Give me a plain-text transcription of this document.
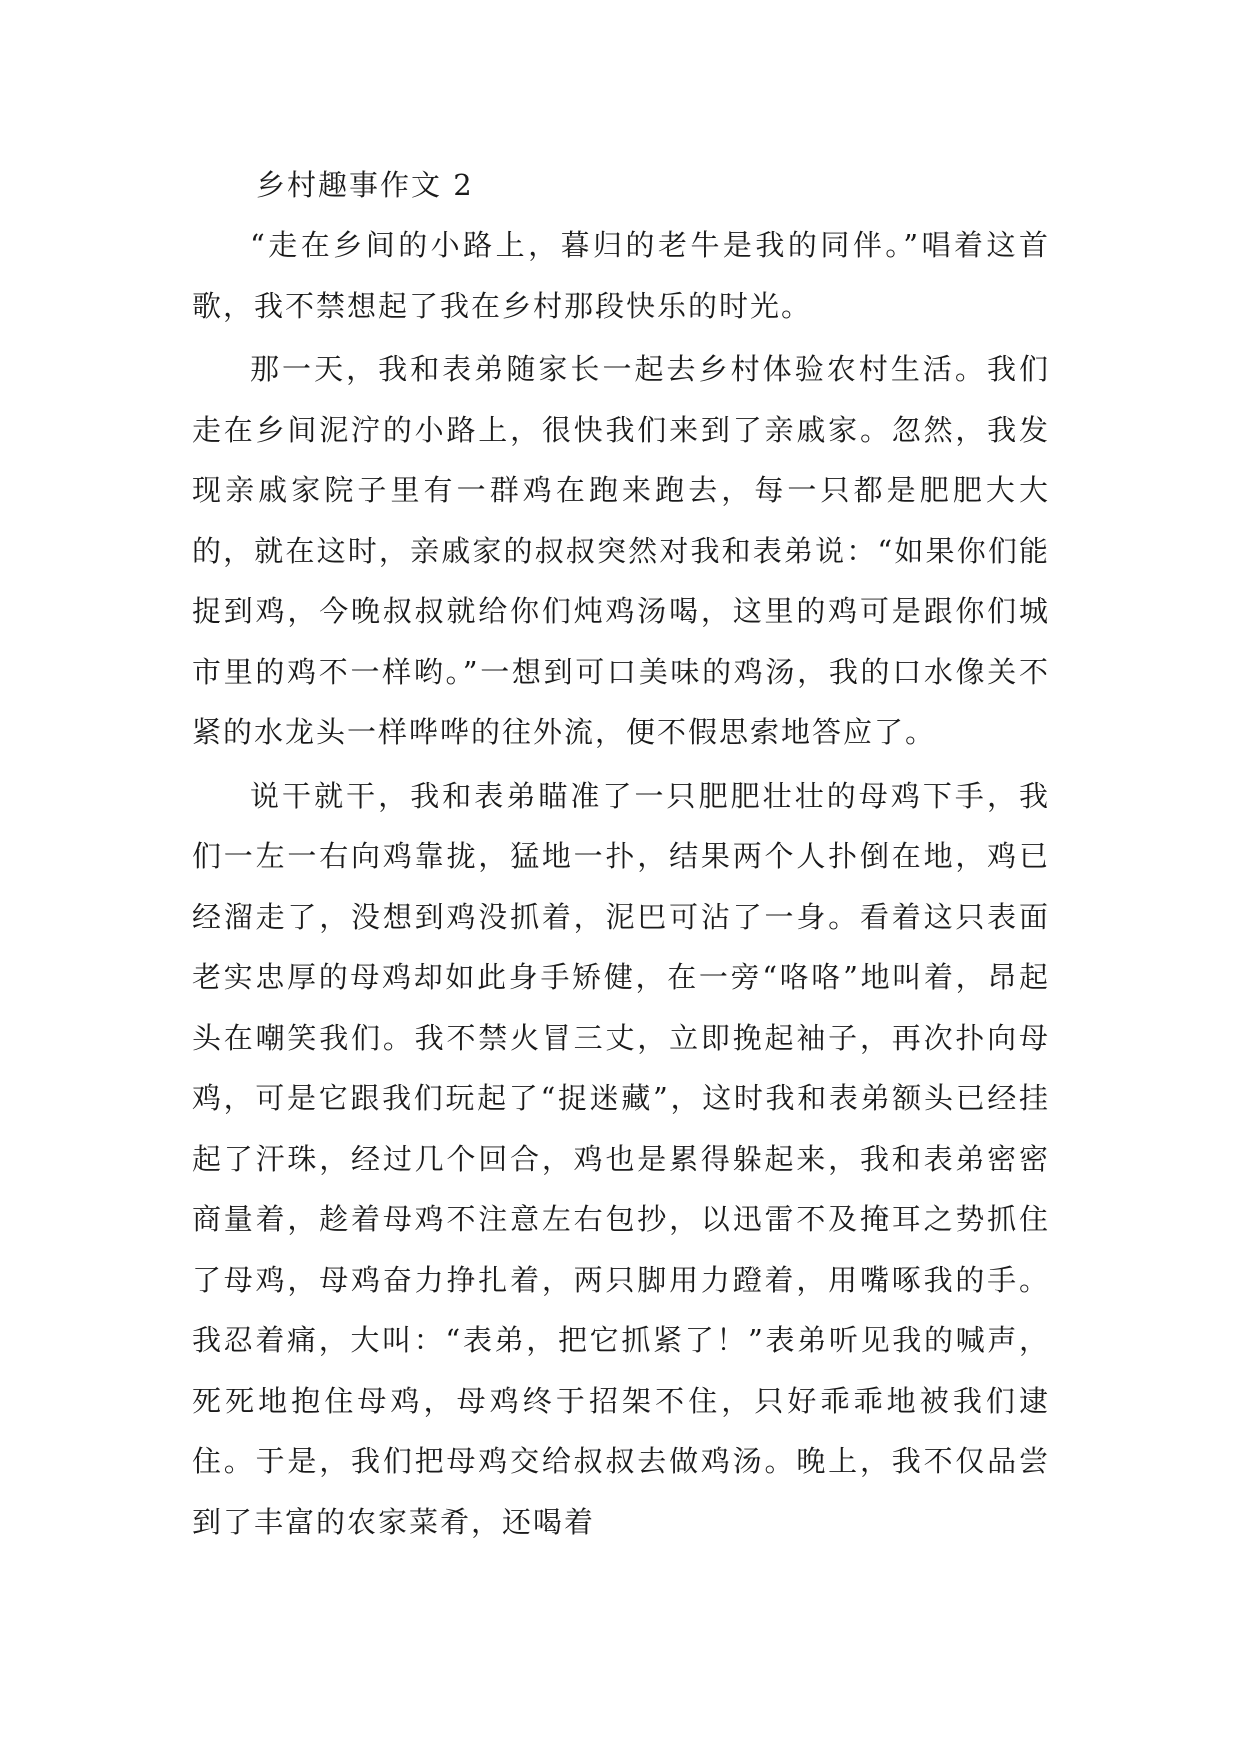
乡村趣事作文 2

“走在乡间的小路上，暮归的老牛是我的同伴。”唱着这首歌，我不禁想起了我在乡村那段快乐的时光。

那一天，我和表弟随家长一起去乡村体验农村生活。我们走在乡间泥泞的小路上，很快我们来到了亲戚家。忽然，我发现亲戚家院子里有一群鸡在跑来跑去，每一只都是肥肥大大的，就在这时，亲戚家的叔叔突然对我和表弟说：“如果你们能捉到鸡，今晚叔叔就给你们炖鸡汤喝，这里的鸡可是跟你们城市里的鸡不一样哟。”一想到可口美味的鸡汤，我的口水像关不紧的水龙头一样哗哗的往外流，便不假思索地答应了。

说干就干，我和表弟瞄准了一只肥肥壮壮的母鸡下手，我们一左一右向鸡靠拢，猛地一扑，结果两个人扑倒在地，鸡已经溜走了，没想到鸡没抓着，泥巴可沾了一身。看着这只表面老实忠厚的母鸡却如此身手矫健，在一旁“咯咯”地叫着，昂起头在嘲笑我们。我不禁火冒三丈，立即挽起袖子，再次扑向母鸡，可是它跟我们玩起了“捉迷藏”，这时我和表弟额头已经挂起了汗珠，经过几个回合，鸡也是累得躲起来，我和表弟密密商量着，趁着母鸡不注意左右包抄，以迅雷不及掩耳之势抓住了母鸡，母鸡奋力挣扎着，两只脚用力蹬着，用嘴啄我的手。我忍着痛，大叫：“表弟，把它抓紧了！”表弟听见我的喊声，死死地抱住母鸡，母鸡终于招架不住，只好乖乖地被我们逮住。于是，我们把母鸡交给叔叔去做鸡汤。晚上，我不仅品尝到了丰富的农家菜肴，还喝着
